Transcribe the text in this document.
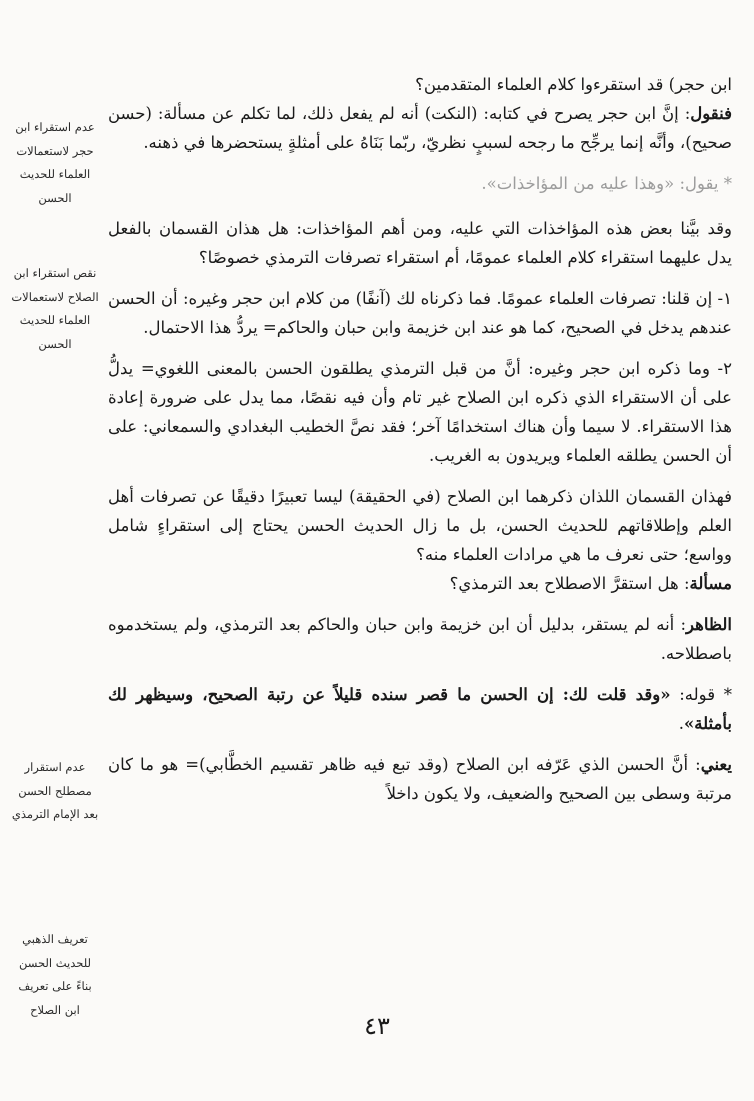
ابن حجر) قد استقرءوا كلام العلماء المتقدمين؟

فنقول: إنَّ ابن حجر يصرح في كتابه: (النكت) أنه لم يفعل ذلك، لما تكلم عن مسألة: (حسن صحيح)، وأنَّه إنما يرجِّح ما رجحه لسببٍ نظريّ، ربّما بَنَاهُ على أمثلةٍ يستحضرها في ذهنه.

* يقول: «وهذا عليه من المؤاخذات».

وقد بيَّنا بعض هذه المؤاخذات التي عليه، ومن أهم المؤاخذات: هل هذان القسمان بالفعل يدل عليهما استقراء كلام العلماء عمومًا، أم استقراء تصرفات الترمذي خصوصًا؟

١- إن قلنا: تصرفات العلماء عمومًا. فما ذكرناه لك (آنفًا) من كلام ابن حجر وغيره: أن الحسن عندهم يدخل في الصحيح، كما هو عند ابن خزيمة وابن حبان والحاكم= يردُّ هذا الاحتمال.

٢- وما ذكره ابن حجر وغيره: أنَّ من قبل الترمذي يطلقون الحسن بالمعنى اللغوي= يدلُّ على أن الاستقراء الذي ذكره ابن الصلاح غير تام وأن فيه نقصًا، مما يدل على ضرورة إعادة هذا الاستقراء. لا سيما وأن هناك استخدامًا آخر؛ فقد نصَّ الخطيب البغدادي والسمعاني: على أن الحسن يطلقه العلماء ويريدون به الغريب.

فهذان القسمان اللذان ذكرهما ابن الصلاح (في الحقيقة) ليسا تعبيرًا دقيقًا عن تصرفات أهل العلم وإطلاقاتهم للحديث الحسن، بل ما زال الحديث الحسن يحتاج إلى استقراءٍ شامل وواسع؛ حتى نعرف ما هي مرادات العلماء منه؟

مسألة: هل استقرَّ الاصطلاح بعد الترمذي؟

الظاهر: أنه لم يستقر، بدليل أن ابن خزيمة وابن حبان والحاكم بعد الترمذي، ولم يستخدموه باصطلاحه.

* قوله: «وقد قلت لك: إن الحسن ما قصر سنده قليلاً عن رتبة الصحيح، وسيظهر لك بأمثلة».

يعني: أنَّ الحسن الذي عَرّفه ابن الصلاح (وقد تبع فيه ظاهر تقسيم الخطَّابي)= هو ما كان مرتبة وسطى بين الصحيح والضعيف، ولا يكون داخلاً

عدم استقراء ابن حجر لاستعمالات العلماء للحديث الحسن
نقص استقراء ابن الصلاح لاستعمالات العلماء للحديث الحسن
عدم استقرار مصطلح الحسن بعد الإمام الترمذي
تعريف الذهبي للحديث الحسن بناءً على تعريف ابن الصلاح
٤٣
